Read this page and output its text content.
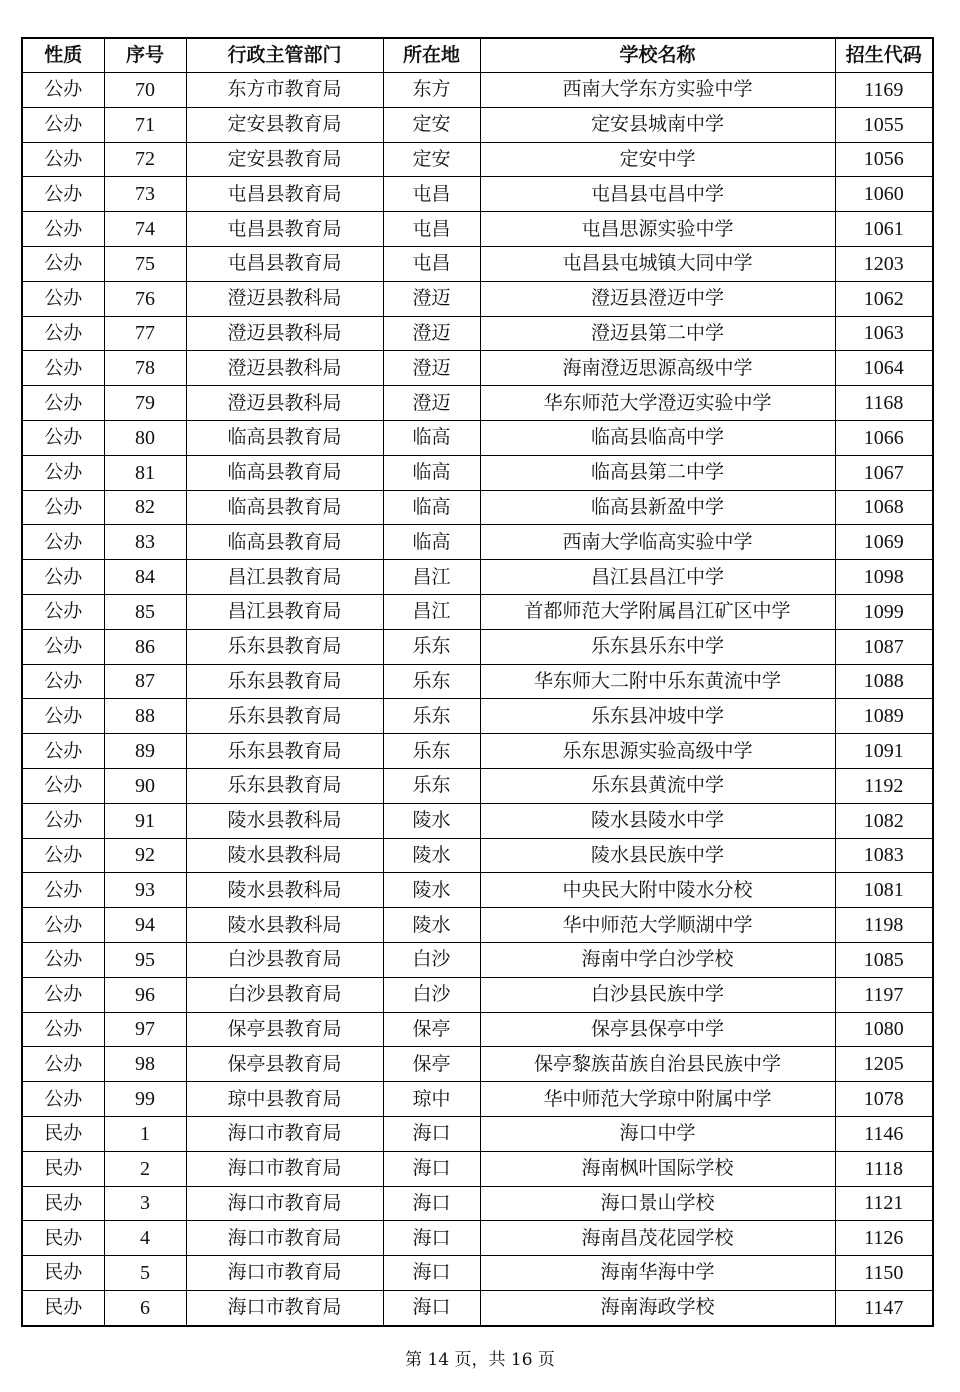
性质	序号	行政主管部门	所在地	学校名称	招生代码
公办	70	东方市教育局	东方	西南大学东方实验中学	1169
公办	71	定安县教育局	定安	定安县城南中学	1055
公办	72	定安县教育局	定安	定安中学	1056
公办	73	屯昌县教育局	屯昌	屯昌县屯昌中学	1060
公办	74	屯昌县教育局	屯昌	屯昌思源实验中学	1061
公办	75	屯昌县教育局	屯昌	屯昌县屯城镇大同中学	1203
公办	76	澄迈县教科局	澄迈	澄迈县澄迈中学	1062
公办	77	澄迈县教科局	澄迈	澄迈县第二中学	1063
公办	78	澄迈县教科局	澄迈	海南澄迈思源高级中学	1064
公办	79	澄迈县教科局	澄迈	华东师范大学澄迈实验中学	1168
公办	80	临高县教育局	临高	临高县临高中学	1066
公办	81	临高县教育局	临高	临高县第二中学	1067
公办	82	临高县教育局	临高	临高县新盈中学	1068
公办	83	临高县教育局	临高	西南大学临高实验中学	1069
公办	84	昌江县教育局	昌江	昌江县昌江中学	1098
公办	85	昌江县教育局	昌江	首都师范大学附属昌江矿区中学	1099
公办	86	乐东县教育局	乐东	乐东县乐东中学	1087
公办	87	乐东县教育局	乐东	华东师大二附中乐东黄流中学	1088
公办	88	乐东县教育局	乐东	乐东县冲坡中学	1089
公办	89	乐东县教育局	乐东	乐东思源实验高级中学	1091
公办	90	乐东县教育局	乐东	乐东县黄流中学	1192
公办	91	陵水县教科局	陵水	陵水县陵水中学	1082
公办	92	陵水县教科局	陵水	陵水县民族中学	1083
公办	93	陵水县教科局	陵水	中央民大附中陵水分校	1081
公办	94	陵水县教科局	陵水	华中师范大学顺湖中学	1198
公办	95	白沙县教育局	白沙	海南中学白沙学校	1085
公办	96	白沙县教育局	白沙	白沙县民族中学	1197
公办	97	保亭县教育局	保亭	保亭县保亭中学	1080
公办	98	保亭县教育局	保亭	保亭黎族苗族自治县民族中学	1205
公办	99	琼中县教育局	琼中	华中师范大学琼中附属中学	1078
民办	1	海口市教育局	海口	海口中学	1146
民办	2	海口市教育局	海口	海南枫叶国际学校	1118
民办	3	海口市教育局	海口	海口景山学校	1121
民办	4	海口市教育局	海口	海南昌茂花园学校	1126
民办	5	海口市教育局	海口	海南华海中学	1150
民办	6	海口市教育局	海口	海南海政学校	1147
第 14 页，共 16 页
